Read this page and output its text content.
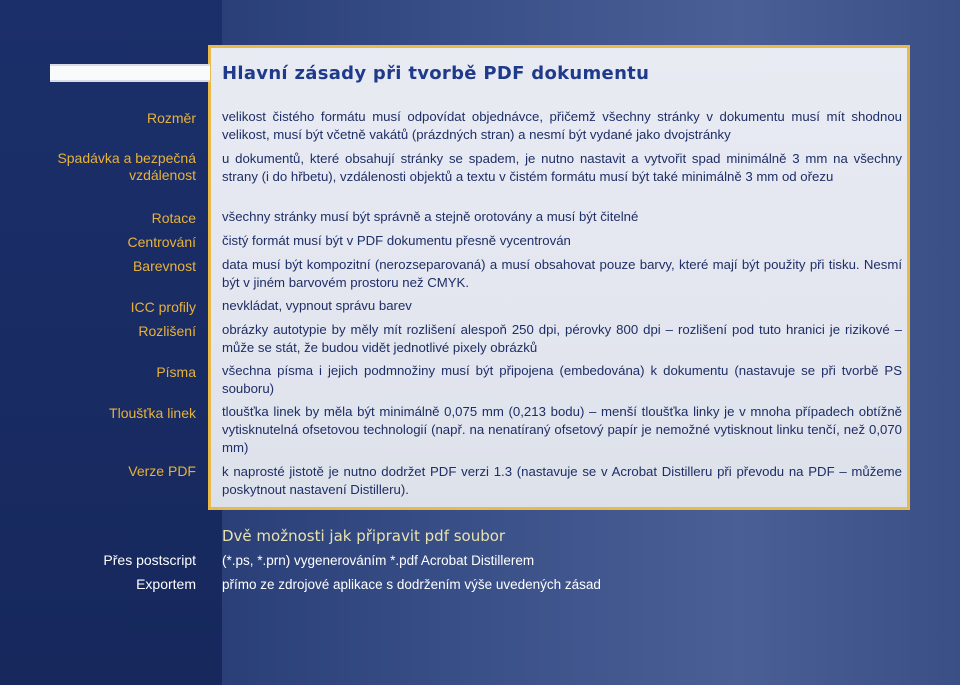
Hlavní zásady při tvorbě PDF dokumentu
Rozměr velikost čistého formátu musí odpovídat objednávce, přičemž všechny stránky v dokumentu musí mít shodnou velikost, musí být včetně vakátů (prázdných stran) a nesmí být vydané jako dvojstránky
Spadávka a bezpečná vzdálenost
u dokumentů, které obsahují stránky se spadem, je nutno nastavit a vytvořit spad minimálně 3 mm na všechny strany (i do hřbetu), vzdálenosti objektů a textu v čistém formátu musí být také minimálně 3 mm od ořezu
Rotace všechny stránky musí být správně a stejně orotovány a musí být čitelné
Centrování čistý formát musí být v PDF dokumentu přesně vycentrován
Barevnost data musí být kompozitní (nerozseparovaná) a musí obsahovat pouze barvy, které mají být použity při tisku. Nesmí být v jiném barvovém prostoru než CMYK.
ICC profily nevkládat, vypnout správu barev
Rozlišení obrázky autotypie by měly mít rozlišení alespoň 250 dpi, pérovky 800 dpi – rozlišení pod tuto hranici je rizikové – může se stát, že budou vidět jednotlivé pixely obrázků
Písma všechna písma i jejich podmnožiny musí být připojena (embedována) k dokumentu (nastavuje se při tvorbě PS souboru)
Tloušťka linek tloušťka linek by měla být minimálně 0,075 mm (0,213 bodu) – menší tloušťka linky je v mnoha případech obtížně vytisknutelná ofsetovou technologií (např. na nenatíraný ofsetový papír je nemožné vytisknout linku tenčí, než 0,070 mm)
Verze PDF k naprosté jistotě je nutno dodržet PDF verzi 1.3 (nastavuje se v Acrobat Distilleru při převodu na PDF – můžeme poskytnout nastavení Distilleru).
Dvě možnosti jak připravit pdf soubor
Přes postscript (*.ps, *.prn) vygenerováním *.pdf Acrobat Distillerem
Exportem přímo ze zdrojové aplikace s dodržením výše uvedených zásad
